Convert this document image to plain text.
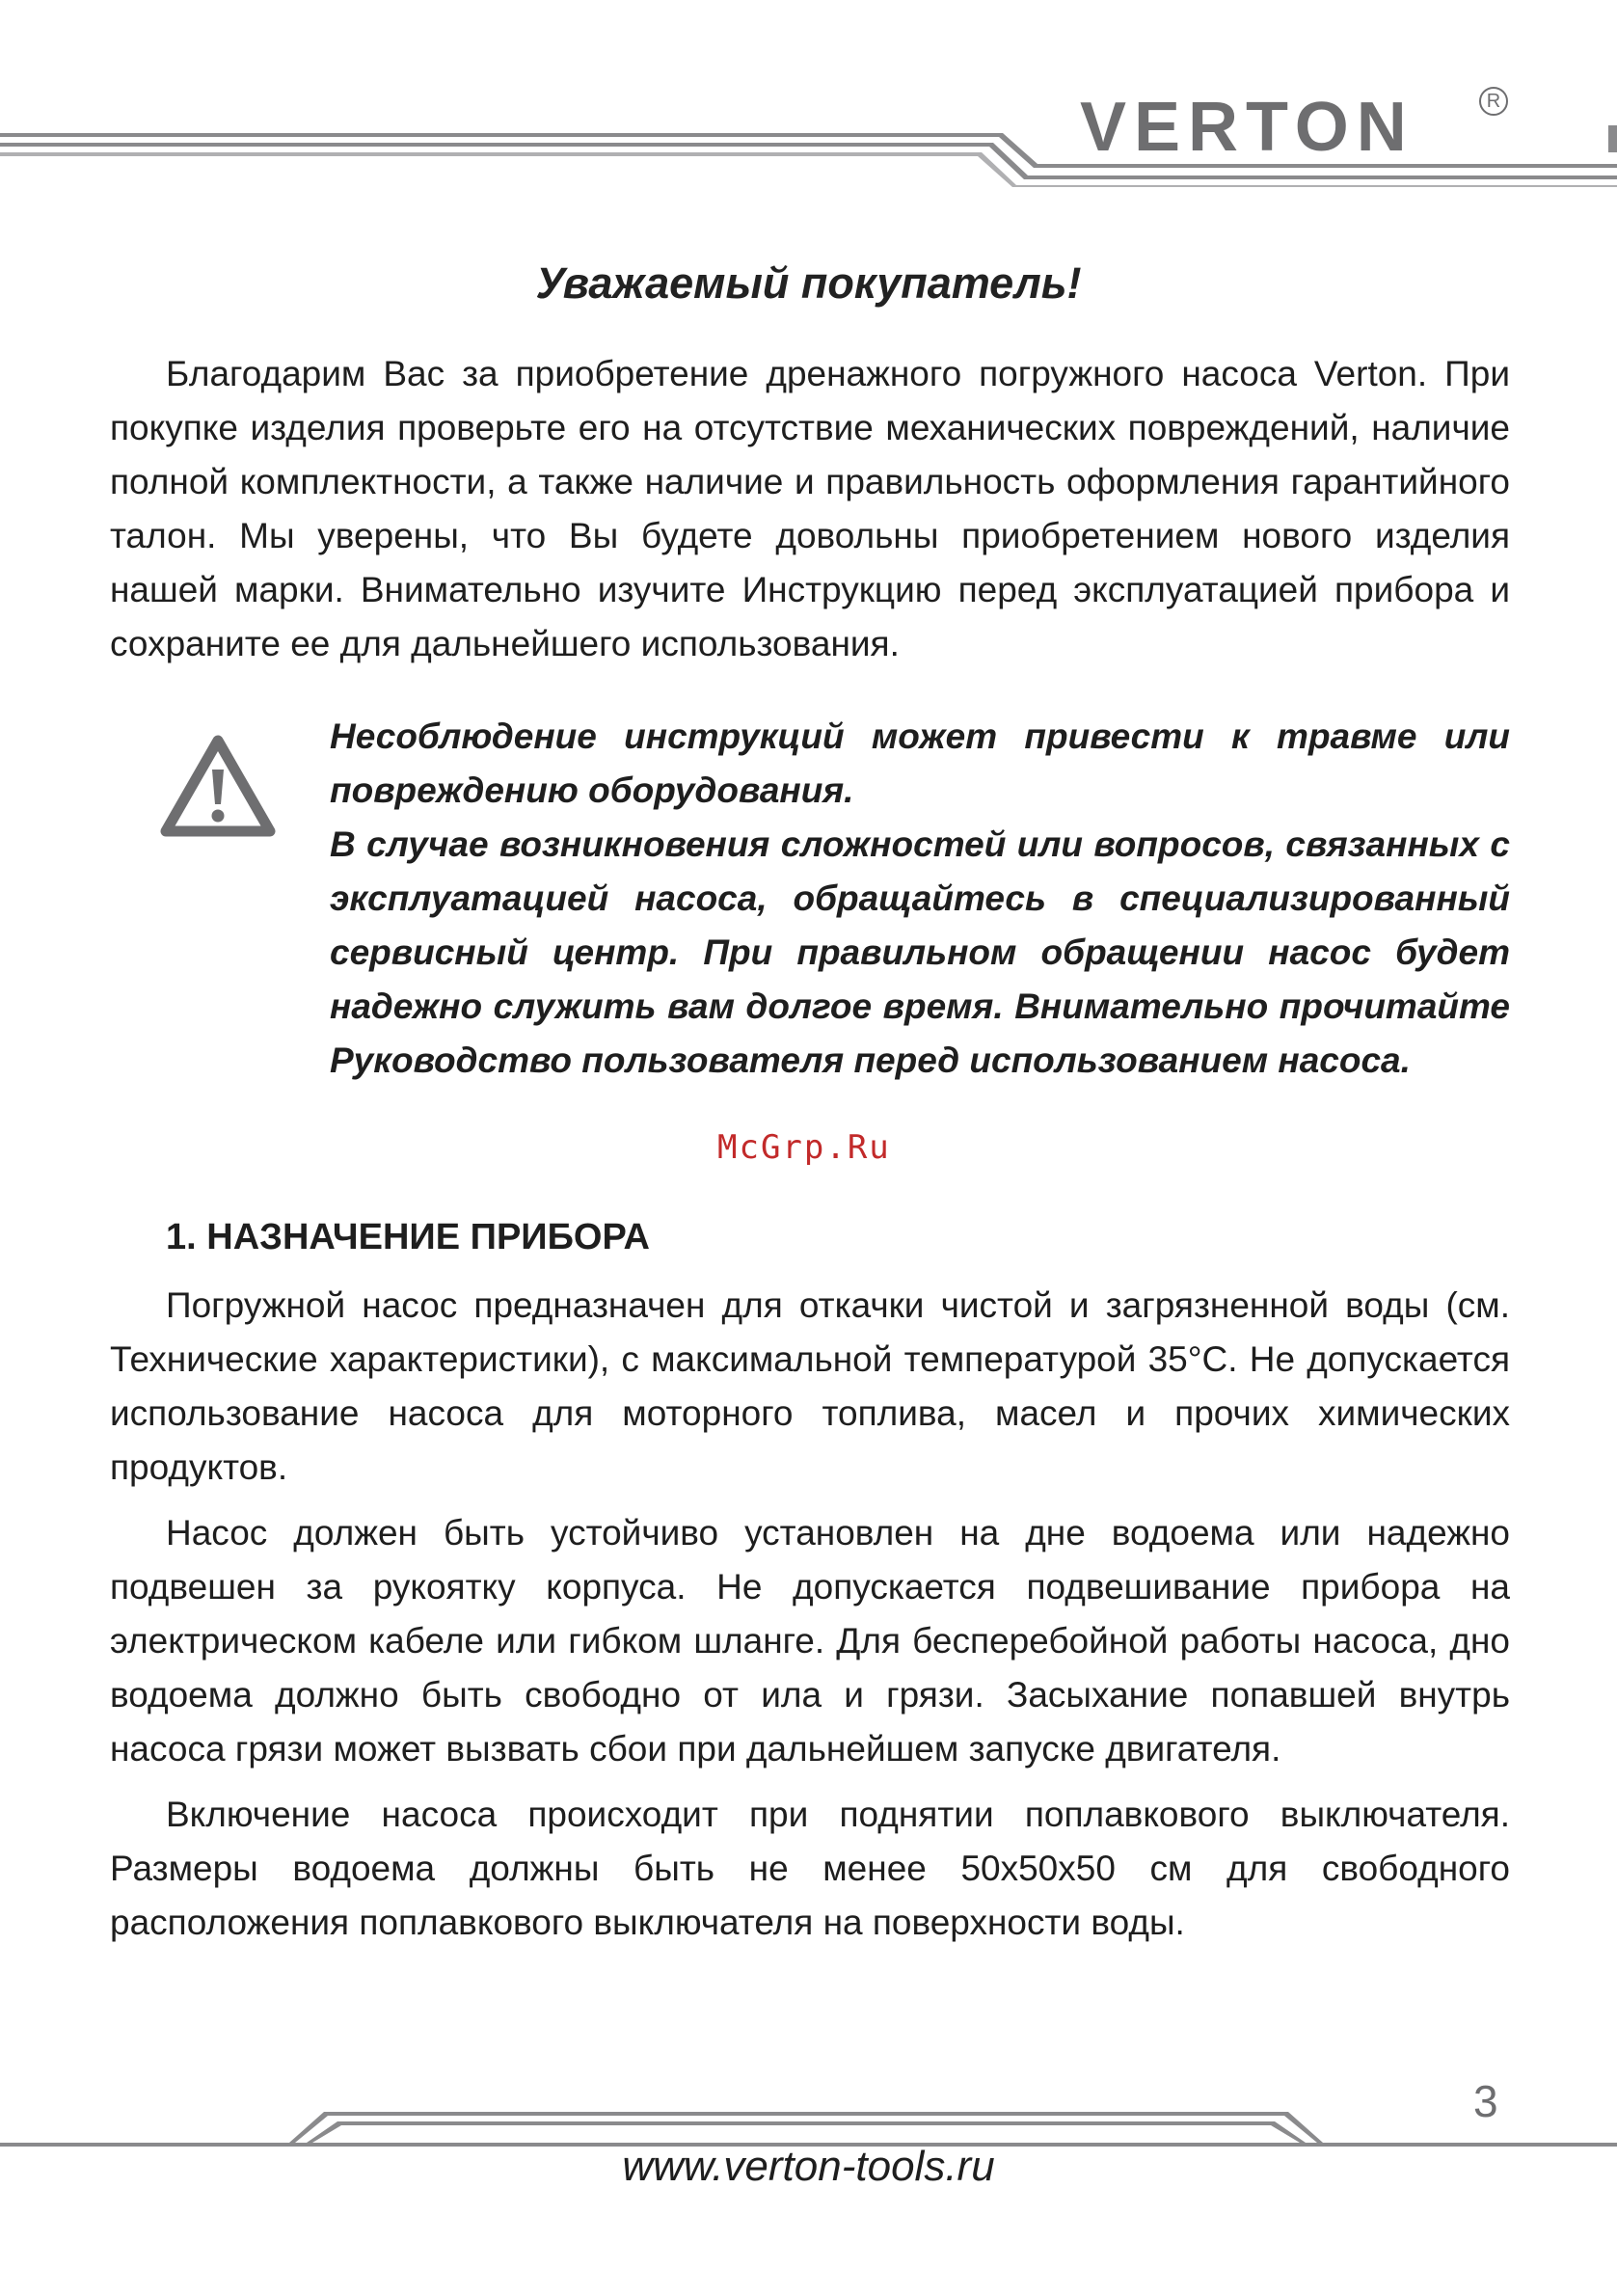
VERTON	R
Уважаемый покупатель!

Благодарим Вас за приобретение дренажного погружного насоса Verton. При покупке изделия проверьте его на отсутствие механических повреждений, наличие полной комплектности, а также наличие и правильность оформления гарантийного талон. Мы уверены, что Вы будете довольны приобретением нового изделия нашей марки. Внимательно изучите Инструкцию перед эксплуатацией прибора и сохраните ее для дальнейшего использования.

Несоблюдение инструкций может привести к травме или повреждению оборудования.

В случае возникновения сложностей или вопросов, связанных с эксплуатацией насоса, обращайтесь в специализированный сервисный центр. При правильном обращении насос будет надежно служить вам долгое время. Внимательно прочитайте Руководство пользователя перед использованием насоса.

McGrp.Ru
1. НАЗНАЧЕНИЕ ПРИБОРА

Погружной насос предназначен для откачки чистой и загрязненной воды (см. Технические характеристики), с максимальной температурой 35°С. Не допускается использование насоса для моторного топлива, масел и прочих химических продуктов.

Насос должен быть устойчиво установлен на дне водоема или надежно подвешен за рукоятку корпуса. Не допускается подвешивание прибора на электрическом кабеле или гибком шланге. Для бесперебойной работы насоса, дно водоема должно быть свободно от ила и грязи. Засыхание попавшей внутрь насоса грязи может вызвать сбои при дальнейшем запуске двигателя.

Включение насоса происходит при поднятии поплавкового выключателя. Размеры водоема должны быть не менее 50х50х50 см для свободного расположения поплавкового выключателя на поверхности воды.

3
www.verton-tools.ru
